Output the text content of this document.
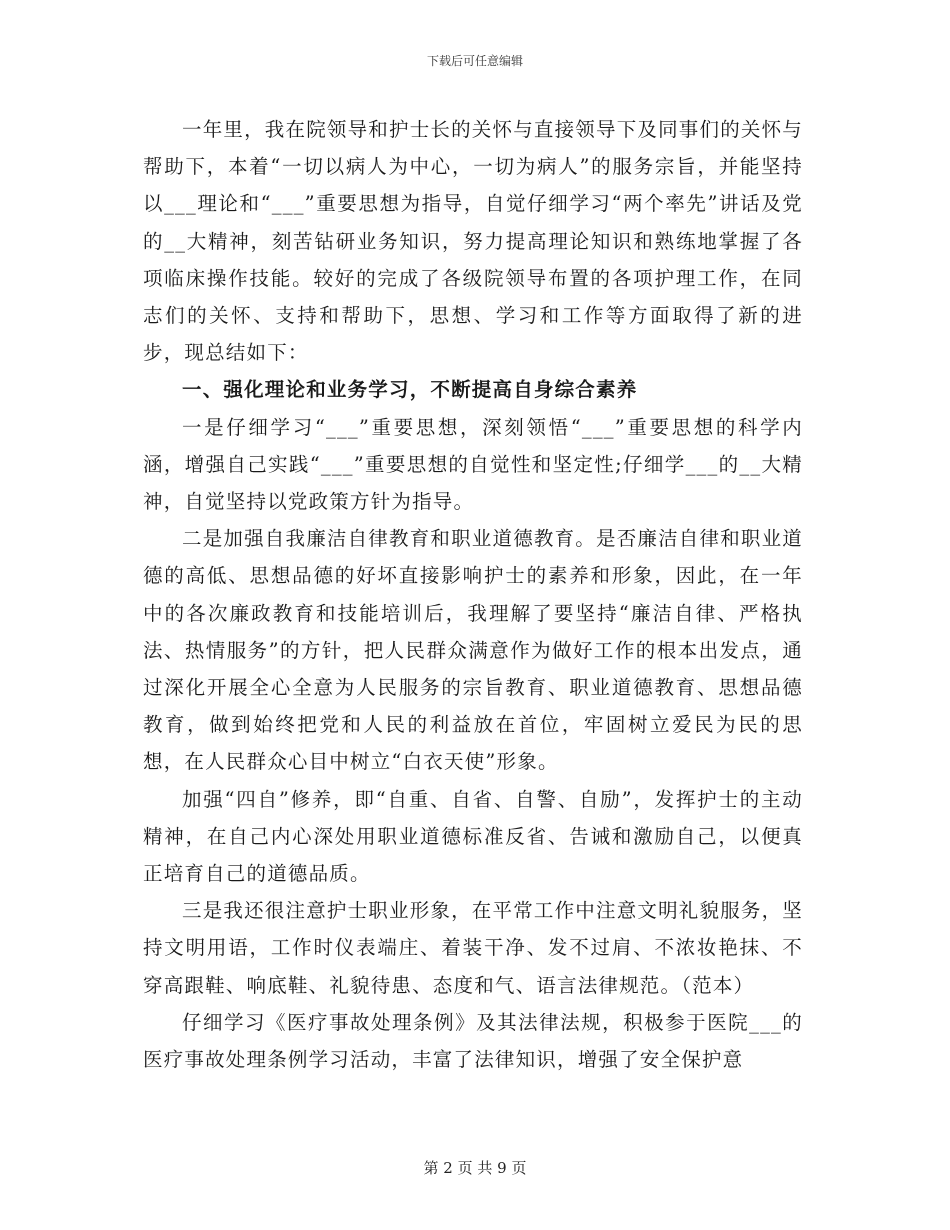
下载后可任意编辑

一年里，我在院领导和护士长的关怀与直接领导下及同事们的关怀与帮助下，本着“一切以病人为中心，一切为病人”的服务宗旨，并能坚持以___理论和“___”重要思想为指导，自觉仔细学习“两个率先”讲话及党的__大精神，刻苦钻研业务知识，努力提高理论知识和熟练地掌握了各项临床操作技能。较好的完成了各级院领导布置的各项护理工作，在同志们的关怀、支持和帮助下，思想、学习和工作等方面取得了新的进步，现总结如下：

一、强化理论和业务学习，不断提高自身综合素养

一是仔细学习“___”重要思想，深刻领悟“___”重要思想的科学内涵，增强自己实践“___”重要思想的自觉性和坚定性;仔细学___的__大精神，自觉坚持以党政策方针为指导。

二是加强自我廉洁自律教育和职业道德教育。是否廉洁自律和职业道德的高低、思想品德的好坏直接影响护士的素养和形象，因此，在一年中的各次廉政教育和技能培训后，我理解了要坚持“廉洁自律、严格执法、热情服务”的方针，把人民群众满意作为做好工作的根本出发点，通过深化开展全心全意为人民服务的宗旨教育、职业道德教育、思想品德教育，做到始终把党和人民的利益放在首位，牢固树立爱民为民的思想，在人民群众心目中树立“白衣天使”形象。

加强“四自”修养，即“自重、自省、自警、自励”，发挥护士的主动精神，在自己内心深处用职业道德标准反省、告诫和激励自己，以便真正培育自己的道德品质。

三是我还很注意护士职业形象，在平常工作中注意文明礼貌服务，坚持文明用语，工作时仪表端庄、着装干净、发不过肩、不浓妆艳抹、不穿高跟鞋、响底鞋、礼貌待患、态度和气、语言法律规范。（范本）

仔细学习《医疗事故处理条例》及其法律法规，积极参于医院___的医疗事故处理条例学习活动，丰富了法律知识，增强了安全保护意

第 2 页 共 9 页
